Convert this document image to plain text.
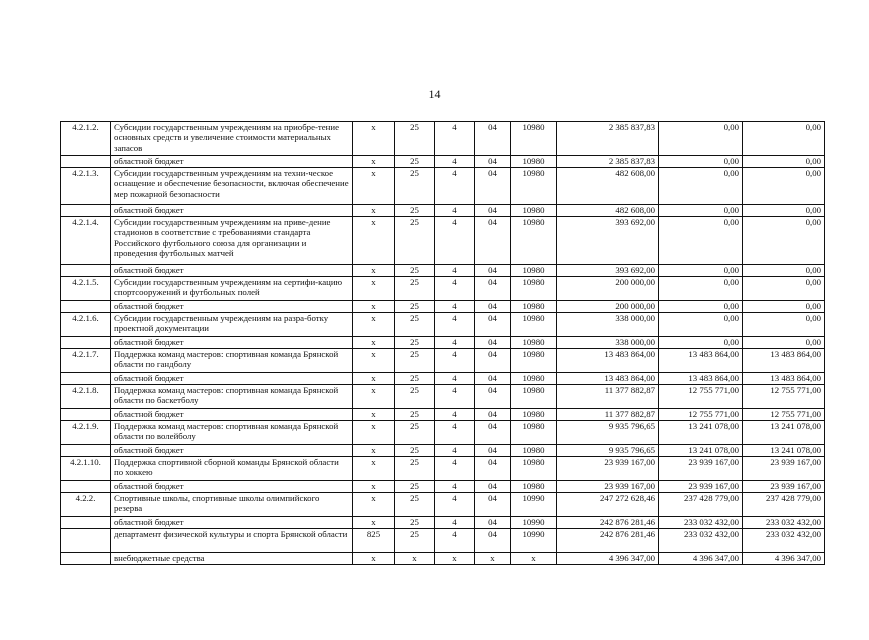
14
4.2.1.2.	Субсидии государственным учреждениям на приобре-тение основных средств и увеличение стоимости материальных запасов	x	25	4	04	10980	2 385 837,83	0,00	0,00
	областной бюджет	x	25	4	04	10980	2 385 837,83	0,00	0,00
4.2.1.3.	Субсидии государственным учреждениям на техни-ческое оснащение и обеспечение безопасности, включая обеспечение мер пожарной безопасности	x	25	4	04	10980	482 608,00	0,00	0,00
	областной бюджет	x	25	4	04	10980	482 608,00	0,00	0,00
4.2.1.4.	Субсидии государственным учреждениям на приве-дение стадионов в соответствие с требованиями стандарта Российского футбольного союза для организации и проведения футбольных матчей	x	25	4	04	10980	393 692,00	0,00	0,00
	областной бюджет	x	25	4	04	10980	393 692,00	0,00	0,00
4.2.1.5.	Субсидии государственным учреждениям на сертифи-кацию спортсооружений и футбольных полей	x	25	4	04	10980	200 000,00	0,00	0,00
	областной бюджет	x	25	4	04	10980	200 000,00	0,00	0,00
4.2.1.6.	Субсидии государственным учреждениям на разра-ботку проектной документации	x	25	4	04	10980	338 000,00	0,00	0,00
	областной бюджет	x	25	4	04	10980	338 000,00	0,00	0,00
4.2.1.7.	Поддержка команд мастеров: спортивная команда Брянской области по гандболу	x	25	4	04	10980	13 483 864,00	13 483 864,00	13 483 864,00
	областной бюджет	x	25	4	04	10980	13 483 864,00	13 483 864,00	13 483 864,00
4.2.1.8.	Поддержка команд мастеров: спортивная команда Брянской области по баскетболу	x	25	4	04	10980	11 377 882,87	12 755 771,00	12 755 771,00
	областной бюджет	x	25	4	04	10980	11 377 882,87	12 755 771,00	12 755 771,00
4.2.1.9.	Поддержка команд мастеров: спортивная команда Брянской области по волейболу	x	25	4	04	10980	9 935 796,65	13 241 078,00	13 241 078,00
	областной бюджет	x	25	4	04	10980	9 935 796,65	13 241 078,00	13 241 078,00
4.2.1.10.	Поддержка спортивной сборной команды Брянской области по хоккею	x	25	4	04	10980	23 939 167,00	23 939 167,00	23 939 167,00
	областной бюджет	x	25	4	04	10980	23 939 167,00	23 939 167,00	23 939 167,00
4.2.2.	Спортивные школы, спортивные школы олимпийского резерва	x	25	4	04	10990	247 272 628,46	237 428 779,00	237 428 779,00
	областной бюджет	x	25	4	04	10990	242 876 281,46	233 032 432,00	233 032 432,00
	департамент физической культуры и спорта Брянской области	825	25	4	04	10990	242 876 281,46	233 032 432,00	233 032 432,00
	внебюджетные средства	x	x	x	x	x	4 396 347,00	4 396 347,00	4 396 347,00
